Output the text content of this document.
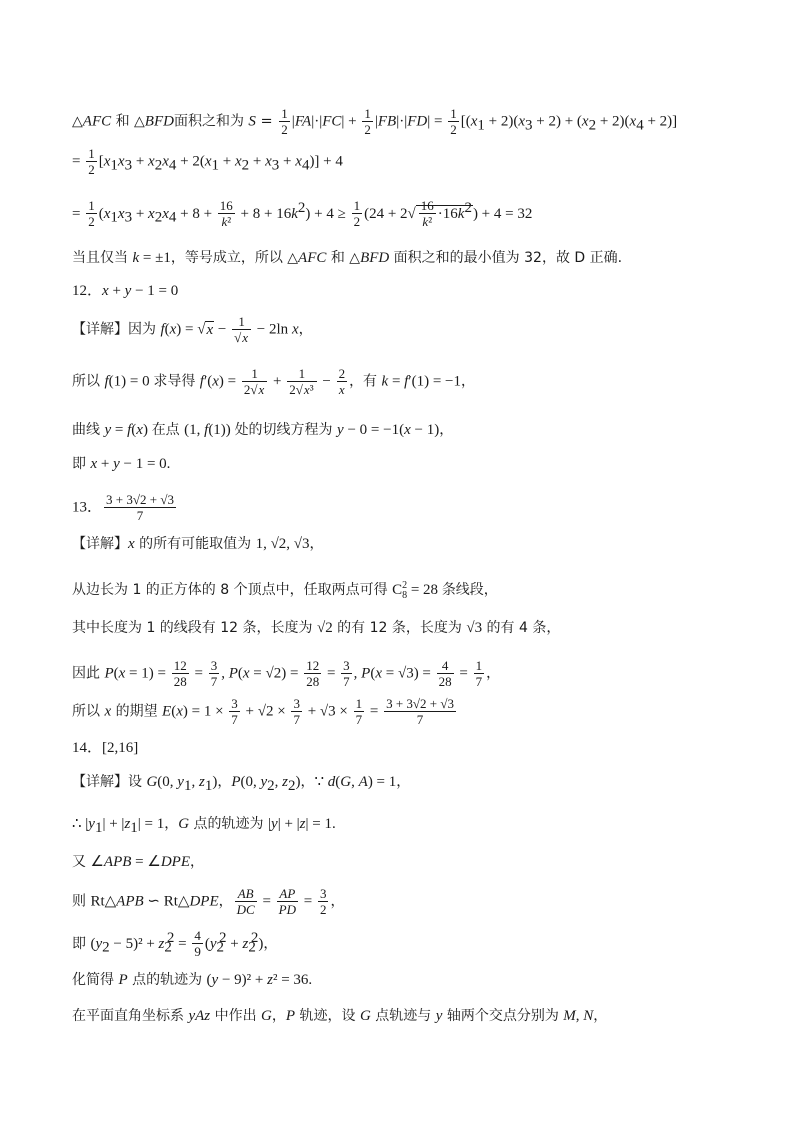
△AFC 和 △BFD面积之和为 $S = \frac{1}{2} |FA|\cdot|FC| + \frac{1}{2} |FB|\cdot|FD| = \frac{1}{2} [(x_1 + 2)(x_3 + 2) + (x_2 + 2)(x_4 + 2)]$
= $\frac{1}{2} [x_1x_3 + x_2x_4 + 2(x_1 + x_2 + x_3 + x_4)] + 4$
= $\frac{1}{2} (x_1x_3 + x_2x_4 + 8 + \frac{16}{\text{k²}} + 8 + 16k^2) + 4 \ge \frac{1}{2} (24 + 2√ \frac{16}{\text{k²}} \cdot 16k^2) + 4 = 32$
当且仅当 k = ±1，等号成立，所以 △AFC 和 △BFD 面积之和的最小值为 32，故 D 正确.
12．x + y − 1 = 0
【详解】因为 $f(x) = √x - \frac{1}{√x} - 2\ln$ x，
所以 f(1) = 0 求导得 $f'(x) = \frac{1}{2√x} + \frac{1}{\text{2√x³}} - \frac{2}{x}$ ，有 k = f′(1) = −1，
曲线 y = f(x) 在点 (1, f(1)) 处的切线方程为 y − 0 = −1(x − 1)，
即 x + y − 1 = 0.
13． $\frac{3 + 3√2 + √3}{7}$
【详解】x 的所有可能取值为 1, √2, √3，
从边长为 1 的正方体的 8 个顶点中，任取两点可得 $C^2_8 = 28$ 条线段，
其中长度为 1 的线段有 12 条，长度为 √2 的有 12 条，长度为 √3 的有 4 条，
因此 $P(x = 1) = \frac{12}{28} = \frac{3}{7}$ , $P(x = √2) = \frac{12}{28} = \frac{3}{7}$ , $P(x = √3) = \frac{4}{28} = \frac{1}{7}$ ，
所以 x 的期望 $E(x) = 1 \times \frac{3}{7} + √2 \times \frac{3}{7} + √3 \times \frac{1}{7} = \frac{3 + 3√2 + √3}{7}$
14．[2,16]
【详解】设 G(0, $y_1$, $z_1$)，P(0, $y_2$, $z_2$)，∵ d(G, A) = 1，
∴ $|y_1| + |z_1| = 1$，G 点的轨迹为 |y| + |z| = 1.
又 ∠APB = ∠DPE，
则 Rt△APB ∽ Rt△DPE， $\frac{AB}{DC} = \frac{AP}{PD} = \frac{3}{2}$ ，
即 $(y_2 - 5)^2 + z_2^2 = \frac{4}{9} (y_2^2 + z_2^2)$，
化简得 P 点的轨迹为 (y − 9)² + z² = 36.
在平面直角坐标系 yAz 中作出 G，P 轨迹，设 G 点轨迹与 y 轴两个交点分别为 M, N，
